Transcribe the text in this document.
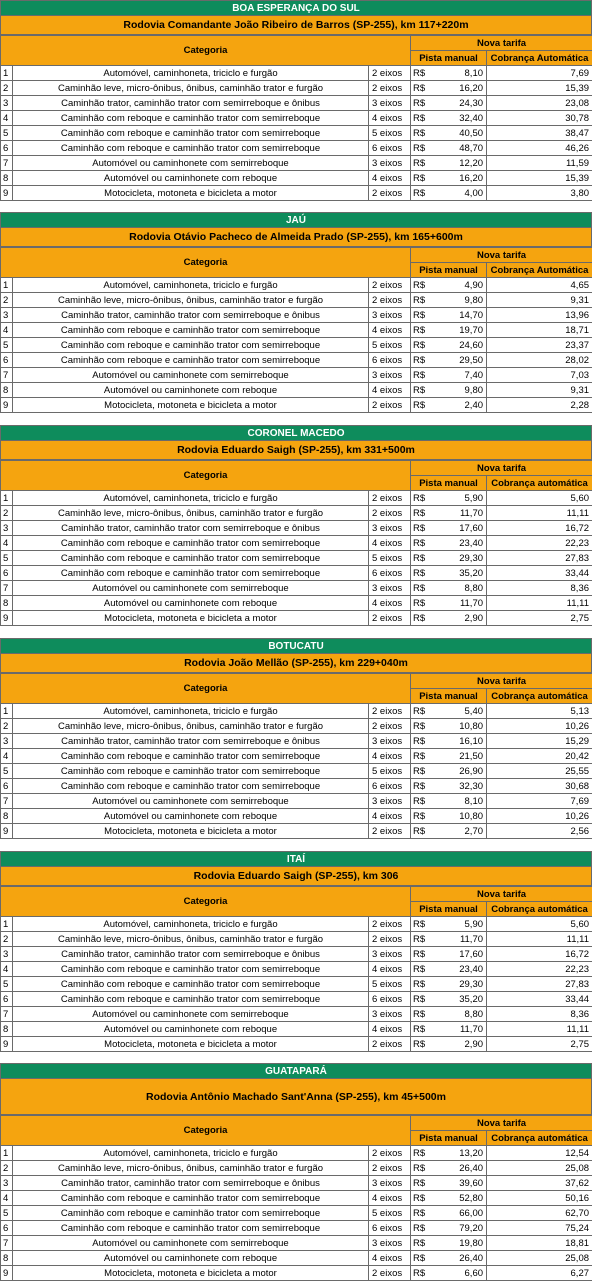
BOA ESPERANÇA DO SUL
Rodovia Comandante João Ribeiro de Barros (SP-255), km 117+220m
Categoria			Nova tarifa		
			Pista manual		Cobrança Automática
1	Automóvel, caminhoneta, triciclo e furgão	2 eixos	R$	8,10	7,69
2	Caminhão leve, micro-ônibus, ônibus, caminhão trator e furgão	2 eixos	R$	16,20	15,39
3	Caminhão trator, caminhão trator com semirreboque e ônibus	3 eixos	R$	24,30	23,08
4	Caminhão com reboque e caminhão trator com semirreboque	4 eixos	R$	32,40	30,78
5	Caminhão com reboque e caminhão trator com semirreboque	5 eixos	R$	40,50	38,47
6	Caminhão com reboque e caminhão trator com semirreboque	6 eixos	R$	48,70	46,26
7	Automóvel ou caminhonete com semirreboque	3 eixos	R$	12,20	11,59
8	Automóvel ou caminhonete com reboque	4 eixos	R$	16,20	15,39
9	Motocicleta, motoneta e bicicleta a motor	2 eixos	R$	4,00	3,80
JAÚ
Rodovia Otávio Pacheco de Almeida Prado (SP-255), km 165+600m
Categoria			Nova tarifa		
			Pista manual		Cobrança Automática
1	Automóvel, caminhoneta, triciclo e furgão	2 eixos	R$	4,90	4,65
2	Caminhão leve, micro-ônibus, ônibus, caminhão trator e furgão	2 eixos	R$	9,80	9,31
3	Caminhão trator, caminhão trator com semirreboque e ônibus	3 eixos	R$	14,70	13,96
4	Caminhão com reboque e caminhão trator com semirreboque	4 eixos	R$	19,70	18,71
5	Caminhão com reboque e caminhão trator com semirreboque	5 eixos	R$	24,60	23,37
6	Caminhão com reboque e caminhão trator com semirreboque	6 eixos	R$	29,50	28,02
7	Automóvel ou caminhonete com semirreboque	3 eixos	R$	7,40	7,03
8	Automóvel ou caminhonete com reboque	4 eixos	R$	9,80	9,31
9	Motocicleta, motoneta e bicicleta a motor	2 eixos	R$	2,40	2,28
CORONEL MACEDO
Rodovia Eduardo Saigh (SP-255), km 331+500m
Categoria			Nova tarifa		
			Pista manual		Cobrança automática
1	Automóvel, caminhoneta, triciclo e furgão	2 eixos	R$	5,90	5,60
2	Caminhão leve, micro-ônibus, ônibus, caminhão trator e furgão	2 eixos	R$	11,70	11,11
3	Caminhão trator, caminhão trator com semirreboque e ônibus	3 eixos	R$	17,60	16,72
4	Caminhão com reboque e caminhão trator com semirreboque	4 eixos	R$	23,40	22,23
5	Caminhão com reboque e caminhão trator com semirreboque	5 eixos	R$	29,30	27,83
6	Caminhão com reboque e caminhão trator com semirreboque	6 eixos	R$	35,20	33,44
7	Automóvel ou caminhonete com semirreboque	3 eixos	R$	8,80	8,36
8	Automóvel ou caminhonete com reboque	4 eixos	R$	11,70	11,11
9	Motocicleta, motoneta e bicicleta a motor	2 eixos	R$	2,90	2,75
BOTUCATU
Rodovia João Mellão (SP-255), km 229+040m
Categoria			Nova tarifa		
			Pista manual		Cobrança automática
1	Automóvel, caminhoneta, triciclo e furgão	2 eixos	R$	5,40	5,13
2	Caminhão leve, micro-ônibus, ônibus, caminhão trator e furgão	2 eixos	R$	10,80	10,26
3	Caminhão trator, caminhão trator com semirreboque e ônibus	3 eixos	R$	16,10	15,29
4	Caminhão com reboque e caminhão trator com semirreboque	4 eixos	R$	21,50	20,42
5	Caminhão com reboque e caminhão trator com semirreboque	5 eixos	R$	26,90	25,55
6	Caminhão com reboque e caminhão trator com semirreboque	6 eixos	R$	32,30	30,68
7	Automóvel ou caminhonete com semirreboque	3 eixos	R$	8,10	7,69
8	Automóvel ou caminhonete com reboque	4 eixos	R$	10,80	10,26
9	Motocicleta, motoneta e bicicleta a motor	2 eixos	R$	2,70	2,56
ITAÍ
Rodovia Eduardo Saigh (SP-255), km 306
Categoria			Nova tarifa		
			Pista manual		Cobrança automática
1	Automóvel, caminhoneta, triciclo e furgão	2 eixos	R$	5,90	5,60
2	Caminhão leve, micro-ônibus, ônibus, caminhão trator e furgão	2 eixos	R$	11,70	11,11
3	Caminhão trator, caminhão trator com semirreboque e ônibus	3 eixos	R$	17,60	16,72
4	Caminhão com reboque e caminhão trator com semirreboque	4 eixos	R$	23,40	22,23
5	Caminhão com reboque e caminhão trator com semirreboque	5 eixos	R$	29,30	27,83
6	Caminhão com reboque e caminhão trator com semirreboque	6 eixos	R$	35,20	33,44
7	Automóvel ou caminhonete com semirreboque	3 eixos	R$	8,80	8,36
8	Automóvel ou caminhonete com reboque	4 eixos	R$	11,70	11,11
9	Motocicleta, motoneta e bicicleta a motor	2 eixos	R$	2,90	2,75
GUATAPARÁ
Rodovia Antônio Machado Sant'Anna (SP-255), km 45+500m
Categoria			Nova tarifa		
			Pista manual		Cobrança automática
1	Automóvel, caminhoneta, triciclo e furgão	2 eixos	R$	13,20	12,54
2	Caminhão leve, micro-ônibus, ônibus, caminhão trator e furgão	2 eixos	R$	26,40	25,08
3	Caminhão trator, caminhão trator com semirreboque e ônibus	3 eixos	R$	39,60	37,62
4	Caminhão com reboque e caminhão trator com semirreboque	4 eixos	R$	52,80	50,16
5	Caminhão com reboque e caminhão trator com semirreboque	5 eixos	R$	66,00	62,70
6	Caminhão com reboque e caminhão trator com semirreboque	6 eixos	R$	79,20	75,24
7	Automóvel ou caminhonete com semirreboque	3 eixos	R$	19,80	18,81
8	Automóvel ou caminhonete com reboque	4 eixos	R$	26,40	25,08
9	Motocicleta, motoneta e bicicleta a motor	2 eixos	R$	6,60	6,27
